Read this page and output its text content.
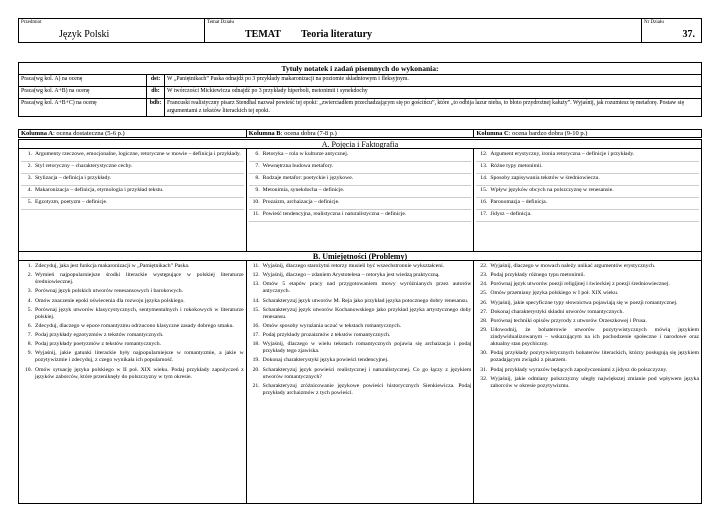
Przedmiot
Język Polski
Temat Działu
TEMAT Teoria literatury
Nr Działu
37.
Tytuły notatek i zadań pisemnych do wykonania:		
Praca(wg kol. A) na ocenę	dst:	W „Paniętnikach” Paska odnajdź po 3 przykłady makaronizacji na poziomie składniowym i fleksyjnym.
Praca(wg kol. A+B) na ocenę	db:	W twórczości Mickiewicza odnajdź po 3 przykłady hiperboli, metonimii i synekdochy
Praca(wg kol. A+B+C) na ocenę	bdb:	Francuski realistyczny pisarz Stendhal nazwał powieść tej epoki: „zwierciadłem przechadzającym się po gościńcu”, które „to odbija lazur nieba, to błoto przydrożnej kałuży”. Wyjaśnij, jak rozumiesz tę metaforę. Postaw się argumentami z tekstów literackich tej epoki.
Kolumna A: ocena dostateczna (5-6 p.)	Kolumna B: ocena dobra (7-8 p.)	Kolumna C: ocena bardzo dobra (9-10 p.)
A. Pojęcia i Faktografia
1. Argumenty rzeczowe, emocjonalne, logiczne, retoryczne w mowie – definicja i przykłady.
2. Styl retoryczny – charakterystyczne cechy.
3. Stylizacja – definicja i przykłady.
4. Makaronizacja – definicja, etymologia i przykład tekstu.
5. Egzotyzm, poetyzm – definicje.
6. Retoryka – rola w kulturze antycznej.
7. Wewnętrzna budowa metafory.
8. Rodzaje metafor: poetyckie i językowe.
9. Metonimia, synekdocha – definicje.
10. Prozaizm, archaizacja – definicje.
11. Powieść tendencyjna, realistyczna i naturalistyczna – definicje.
12. Argument erystyczny, ironia retoryczna – definicje i przykłady.
13. Różne typy metonimii.
14. Sposoby zapisywania tekstów w średniowieczu.
15. Wpływ języków obcych na polszczyznę w renesansie.
16. Paronomazja – definicja.
17. Jidysz – definicja.
B. Umiejętności (Problemy)
1. Zdecyduj, jaka jest funkcja makaronizacji w „Pamiętnikach” Paska.
2. Wymień najpopularniejsze środki literackie występujące w polskiej literaturze średniowiecznej.
3. Porównaj język polskich utworów renesansowych i barokowych.
4. Omów znaczenie epoki oświecenia dla rozwoju języka polskiego.
5. Porównaj język utworów klasycystycznych, sentymentalnych i rokokowych w literaturze polskiej.
6. Zdecyduj, dlaczego w epoce romantyzmu odrzucono klasyczne zasady dobrego smaku.
7. Podaj przykłady egzotyzmów z tekstów romantycznych.
8. Podaj przykłady poetyzmów z tekstów romantycznych.
9. Wyjaśnij, jakie gatunki literackie były najpopularniejsze w romantyzmie, a jakie w pozytywizmie i zdecyduj, z czego wynikała ich popularność.
10. Omów sytuację języka polskiego w II poł. XIX wieku. Podaj przykłady zapożyczeń z języków zaborców, które przeniknęły do polszczyzny w tym okresie.
11. Wyjaśnij, dlaczego starożytni retorzy musieli być wszechstronnie wykształceni.
12. Wyjaśnij, dlaczego – zdaniem Arystotelesa – retoryka jest wiedzą praktyczną.
13. Omów 5 etapów pracy nad przygotowaniem mowy wyróżnianych przez autorów antycznych.
14. Scharakteryzuj język utworów M. Reja jako przykład języka potocznego dobry renesansu.
15. Scharakteryzuj język utworów Kochanowskiego jako przykład języka artystycznego doby renesansu.
16. Omów sposoby wyrażania uczuć w tekstach romantycznych.
17. Podaj przykłady prozaizmów z tekstów romantycznych.
18. Wyjaśnij, dlaczego w wielu tekstach romantycznych pojawia się archaizacja i podaj przykłady tego zjawiska.
19. Dokonaj charakterystyki języka powieści tendencyjnej.
20. Scharakteryzuj język powieści realistycznej i naturalistycznej. Co go łączy z językiem utworów romantycznych?
21. Scharakteryzuj zróżnicowanie językowe powieści historycznych Sienkiewicza. Podaj przykłady archaizmów z tych powieści.
22. Wyjaśnij, dlaczego w mowach należy unikać argumentów erystycznych.
23. Podaj przykłady różnego typu metonimii.
24. Porównaj język utworów poezji religijnej i świeckiej z poezji średniowiecznej.
25. Omów przemiany języka polskiego w I poł. XIX wieku.
26. Wyjaśnij, jakie specyficzne typy słownictwa pojawiają się w poezji romantycznej.
27. Dokonaj charakterystyki składni utworów romantycznych.
28. Porównaj techniki opisów przyrody z utworów Orzeszkowej i Prusa.
29. Udowodnij, że bohaterowie utworów pozytywistycznych mówią językiem zindywidualizowanym – wskazującym na ich pochodzenie społeczne i narodowe oraz aktualny stan psychiczny.
30. Podaj przykłady pozytywistycznych bohaterów literackich, którzy posługują się językiem pozadającym związki z pisarzem.
31. Podaj przykłady wyrazów będących zapożyczeniami z jidysz do polszczyzny.
32. Wyjaśnij, jakie odmiany polszczyzny uległy największej zmianie pod wpływem języka zaborców w okresie pozytywizmu.
